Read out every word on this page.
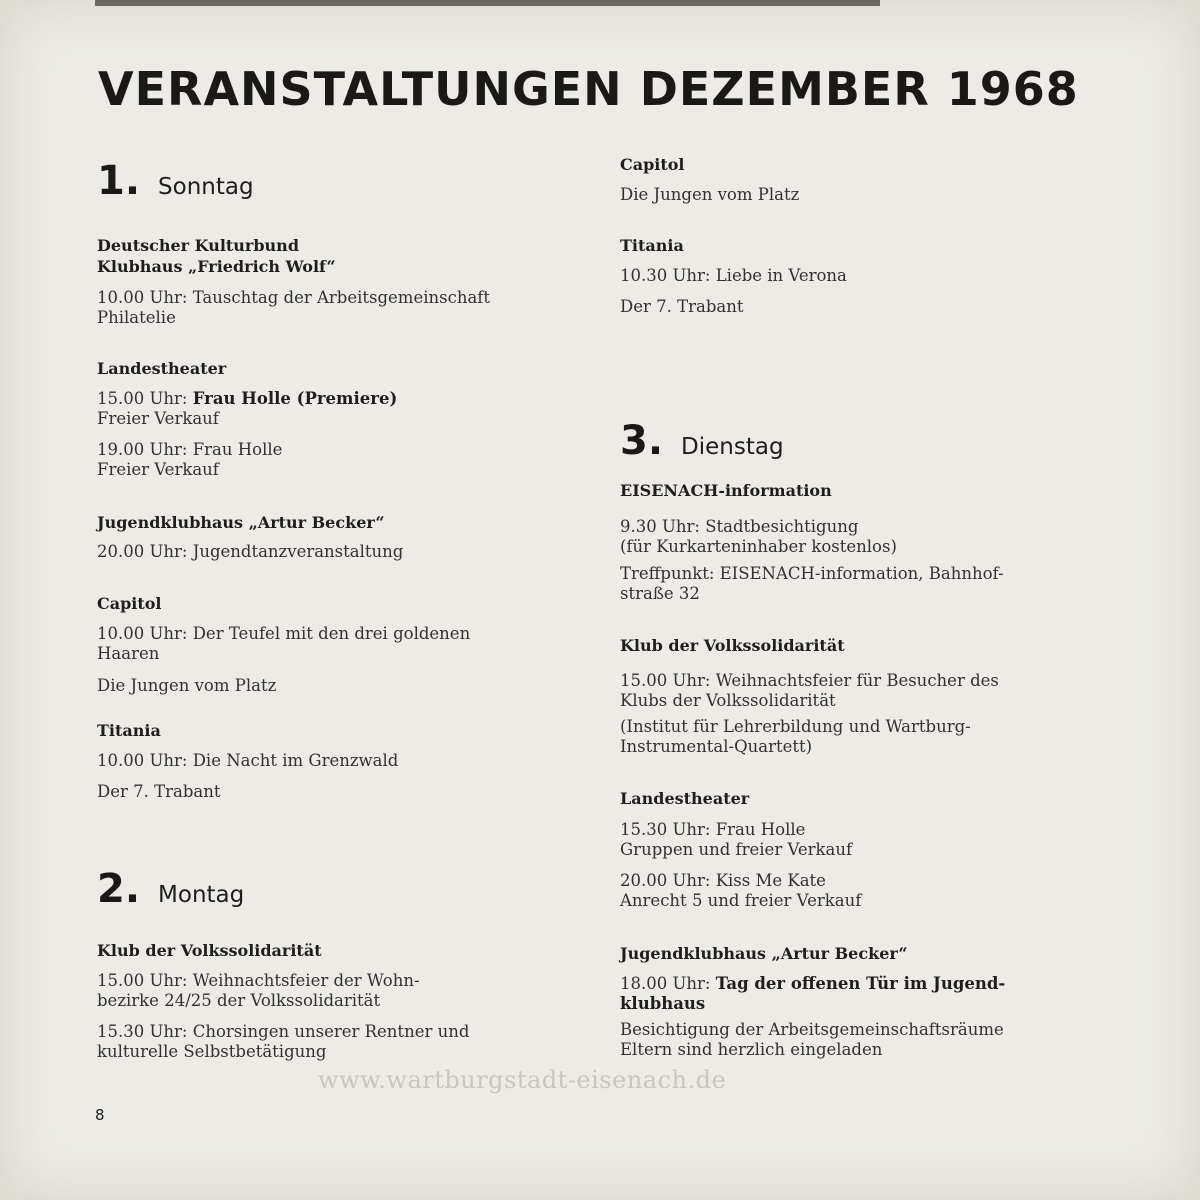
VERANSTALTUNGEN DEZEMBER 1968
1. Sonntag
Deutscher Kulturbund
Klubhaus „Friedrich Wolf“
10.00 Uhr: Tauschtag der Arbeitsgemeinschaft
Philatelie
Landestheater
15.00 Uhr: Frau Holle (Premiere)
Freier Verkauf
19.00 Uhr: Frau Holle
Freier Verkauf
Jugendklubhaus „Artur Becker“
20.00 Uhr: Jugendtanzveranstaltung
Capitol
10.00 Uhr: Der Teufel mit den drei goldenen
Haaren
Die Jungen vom Platz
Titania
10.00 Uhr: Die Nacht im Grenzwald
Der 7. Trabant
2. Montag
Klub der Volkssolidarität
15.00 Uhr: Weihnachtsfeier der Wohn-
bezirke 24/25 der Volkssolidarität
15.30 Uhr: Chorsingen unserer Rentner und
kulturelle Selbstbetätigung
Capitol
Die Jungen vom Platz
Titania
10.30 Uhr: Liebe in Verona
Der 7. Trabant
3. Dienstag
EISENACH-information
9.30 Uhr: Stadtbesichtigung
(für Kurkarteninhaber kostenlos)
Treffpunkt: EISENACH-information, Bahnhof-
straße 32
Klub der Volkssolidarität
15.00 Uhr: Weihnachtsfeier für Besucher des
Klubs der Volkssolidarität
(Institut für Lehrerbildung und Wartburg-
Instrumental-Quartett)
Landestheater
15.30 Uhr: Frau Holle
Gruppen und freier Verkauf
20.00 Uhr: Kiss Me Kate
Anrecht 5 und freier Verkauf
Jugendklubhaus „Artur Becker“
18.00 Uhr: Tag der offenen Tür im Jugend-
klubhaus
Besichtigung der Arbeitsgemeinschaftsräume
Eltern sind herzlich eingeladen
www.wartburgstadt-eisenach.de
8
